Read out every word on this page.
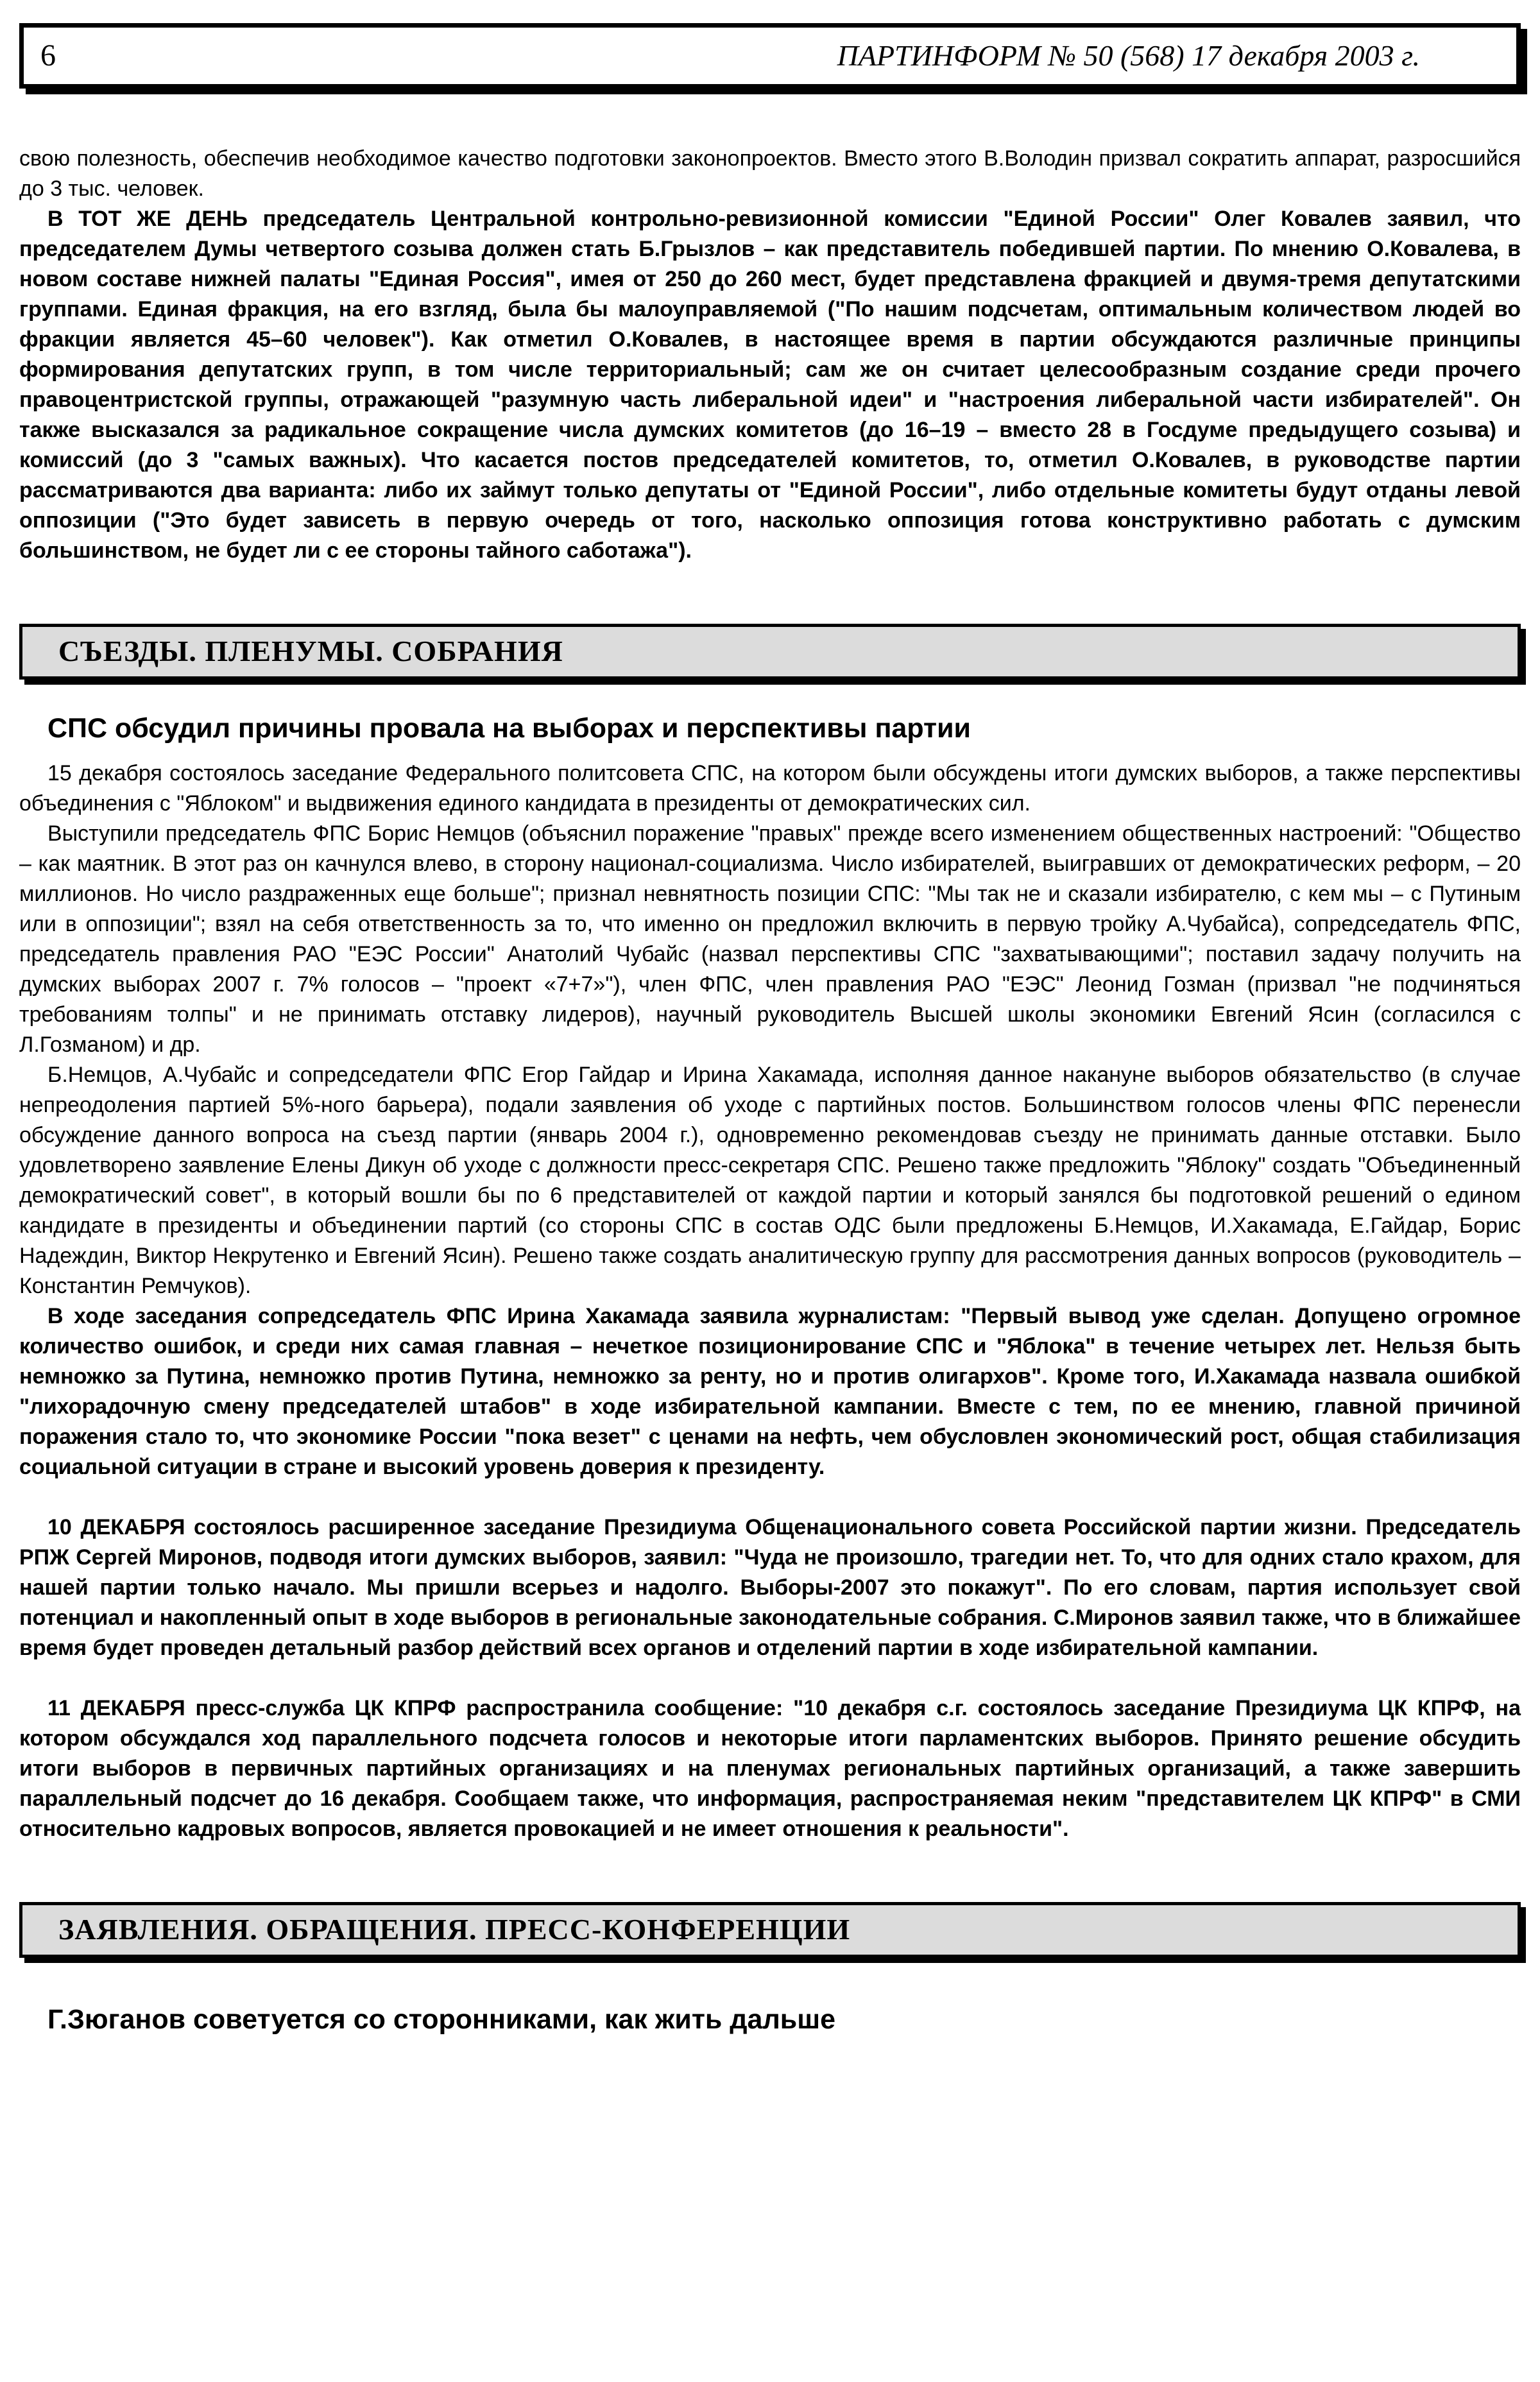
6	ПАРТИНФОРМ № 50 (568) 17 декабря 2003 г.

свою полезность, обеспечив необходимое качество подготовки законопроектов. Вместо этого В.Володин призвал сократить аппарат, разросшийся до 3 тыс. человек.

В ТОТ ЖЕ ДЕНЬ председатель Центральной контрольно-ревизионной комиссии "Единой России" Олег Ковалев заявил, что председателем Думы четвертого созыва должен стать Б.Грызлов – как представитель победившей партии. По мнению О.Ковалева, в новом составе нижней палаты "Единая Россия", имея от 250 до 260 мест, будет представлена фракцией и двумя-тремя депутатскими группами. Единая фракция, на его взгляд, была бы малоуправляемой ("По нашим подсчетам, оптимальным количеством людей во фракции является 45–60 человек"). Как отметил О.Ковалев, в настоящее время в партии обсуждаются различные принципы формирования депутатских групп, в том числе территориальный; сам же он считает целесообразным создание среди прочего правоцентристской группы, отражающей "разумную часть либеральной идеи" и "настроения либеральной части избирателей". Он также высказался за радикальное сокращение числа думских комитетов (до 16–19 – вместо 28 в Госдуме предыдущего созыва) и комиссий (до 3 "самых важных). Что касается постов председателей комитетов, то, отметил О.Ковалев, в руководстве партии рассматриваются два варианта: либо их займут только депутаты от "Единой России", либо отдельные комитеты будут отданы левой оппозиции ("Это будет зависеть в первую очередь от того, насколько оппозиция готова конструктивно работать с думским большинством, не будет ли с ее стороны тайного саботажа").

СЪЕЗДЫ. ПЛЕНУМЫ. СОБРАНИЯ
СПС обсудил причины провала на выборах и перспективы партии

15 декабря состоялось заседание Федерального политсовета СПС, на котором были обсуждены итоги думских выборов, а также перспективы объединения с "Яблоком" и выдвижения единого кандидата в президенты от демократических сил.

Выступили председатель ФПС Борис Немцов (объяснил поражение "правых" прежде всего изменением общественных настроений: "Общество – как маятник. В этот раз он качнулся влево, в сторону национал-социализма. Число избирателей, выигравших от демократических реформ, – 20 миллионов. Но число раздраженных еще больше"; признал невнятность позиции СПС: "Мы так не и сказали избирателю, с кем мы – с Путиным или в оппозиции"; взял на себя ответственность за то, что именно он предложил включить в первую тройку А.Чубайса), сопредседатель ФПС, председатель правления РАО "ЕЭС России" Анатолий Чубайс (назвал перспективы СПС "захватывающими"; поставил задачу получить на думских выборах 2007 г. 7% голосов – "проект «7+7»"), член ФПС, член правления РАО "ЕЭС" Леонид Гозман (призвал "не подчиняться требованиям толпы" и не принимать отставку лидеров), научный руководитель Высшей школы экономики Евгений Ясин (согласился с Л.Гозманом) и др.

Б.Немцов, А.Чубайс и сопредседатели ФПС Егор Гайдар и Ирина Хакамада, исполняя данное накануне выборов обязательство (в случае непреодоления партией 5%-ного барьера), подали заявления об уходе с партийных постов. Большинством голосов члены ФПС перенесли обсуждение данного вопроса на съезд партии (январь 2004 г.), одновременно рекомендовав съезду не принимать данные отставки. Было удовлетворено заявление Елены Дикун об уходе с должности пресс-секретаря СПС. Решено также предложить "Яблоку" создать "Объединенный демократический совет", в который вошли бы по 6 представителей от каждой партии и который занялся бы подготовкой решений о едином кандидате в президенты и объединении партий (со стороны СПС в состав ОДС были предложены Б.Немцов, И.Хакамада, Е.Гайдар, Борис Надеждин, Виктор Некрутенко и Евгений Ясин). Решено также создать аналитическую группу для рассмотрения данных вопросов (руководитель – Константин Ремчуков).

В ходе заседания сопредседатель ФПС Ирина Хакамада заявила журналистам: "Первый вывод уже сделан. Допущено огромное количество ошибок, и среди них самая главная – нечеткое позиционирование СПС и "Яблока" в течение четырех лет. Нельзя быть немножко за Путина, немножко против Путина, немножко за ренту, но и против олигархов". Кроме того, И.Хакамада назвала ошибкой "лихорадочную смену председателей штабов" в ходе избирательной кампании. Вместе с тем, по ее мнению, главной причиной поражения стало то, что экономике России "пока везет" с ценами на нефть, чем обусловлен экономический рост, общая стабилизация социальной ситуации в стране и высокий уровень доверия к президенту.

10 ДЕКАБРЯ состоялось расширенное заседание Президиума Общенационального совета Российской партии жизни. Председатель РПЖ Сергей Миронов, подводя итоги думских выборов, заявил: "Чуда не произошло, трагедии нет. То, что для одних стало крахом, для нашей партии только начало. Мы пришли всерьез и надолго. Выборы-2007 это покажут". По его словам, партия использует свой потенциал и накопленный опыт в ходе выборов в региональные законодательные собрания. С.Миронов заявил также, что в ближайшее время будет проведен детальный разбор действий всех органов и отделений партии в ходе избирательной кампании.

11 ДЕКАБРЯ пресс-служба ЦК КПРФ распространила сообщение: "10 декабря с.г. состоялось заседание Президиума ЦК КПРФ, на котором обсуждался ход параллельного подсчета голосов и некоторые итоги парламентских выборов. Принято решение обсудить итоги выборов в первичных партийных организациях и на пленумах региональных партийных организаций, а также завершить параллельный подсчет до 16 декабря. Сообщаем также, что информация, распространяемая неким "представителем ЦК КПРФ" в СМИ относительно кадровых вопросов, является провокацией и не имеет отношения к реальности".

ЗАЯВЛЕНИЯ. ОБРАЩЕНИЯ. ПРЕСС-КОНФЕРЕНЦИИ
Г.Зюганов советуется со сторонниками, как жить дальше
